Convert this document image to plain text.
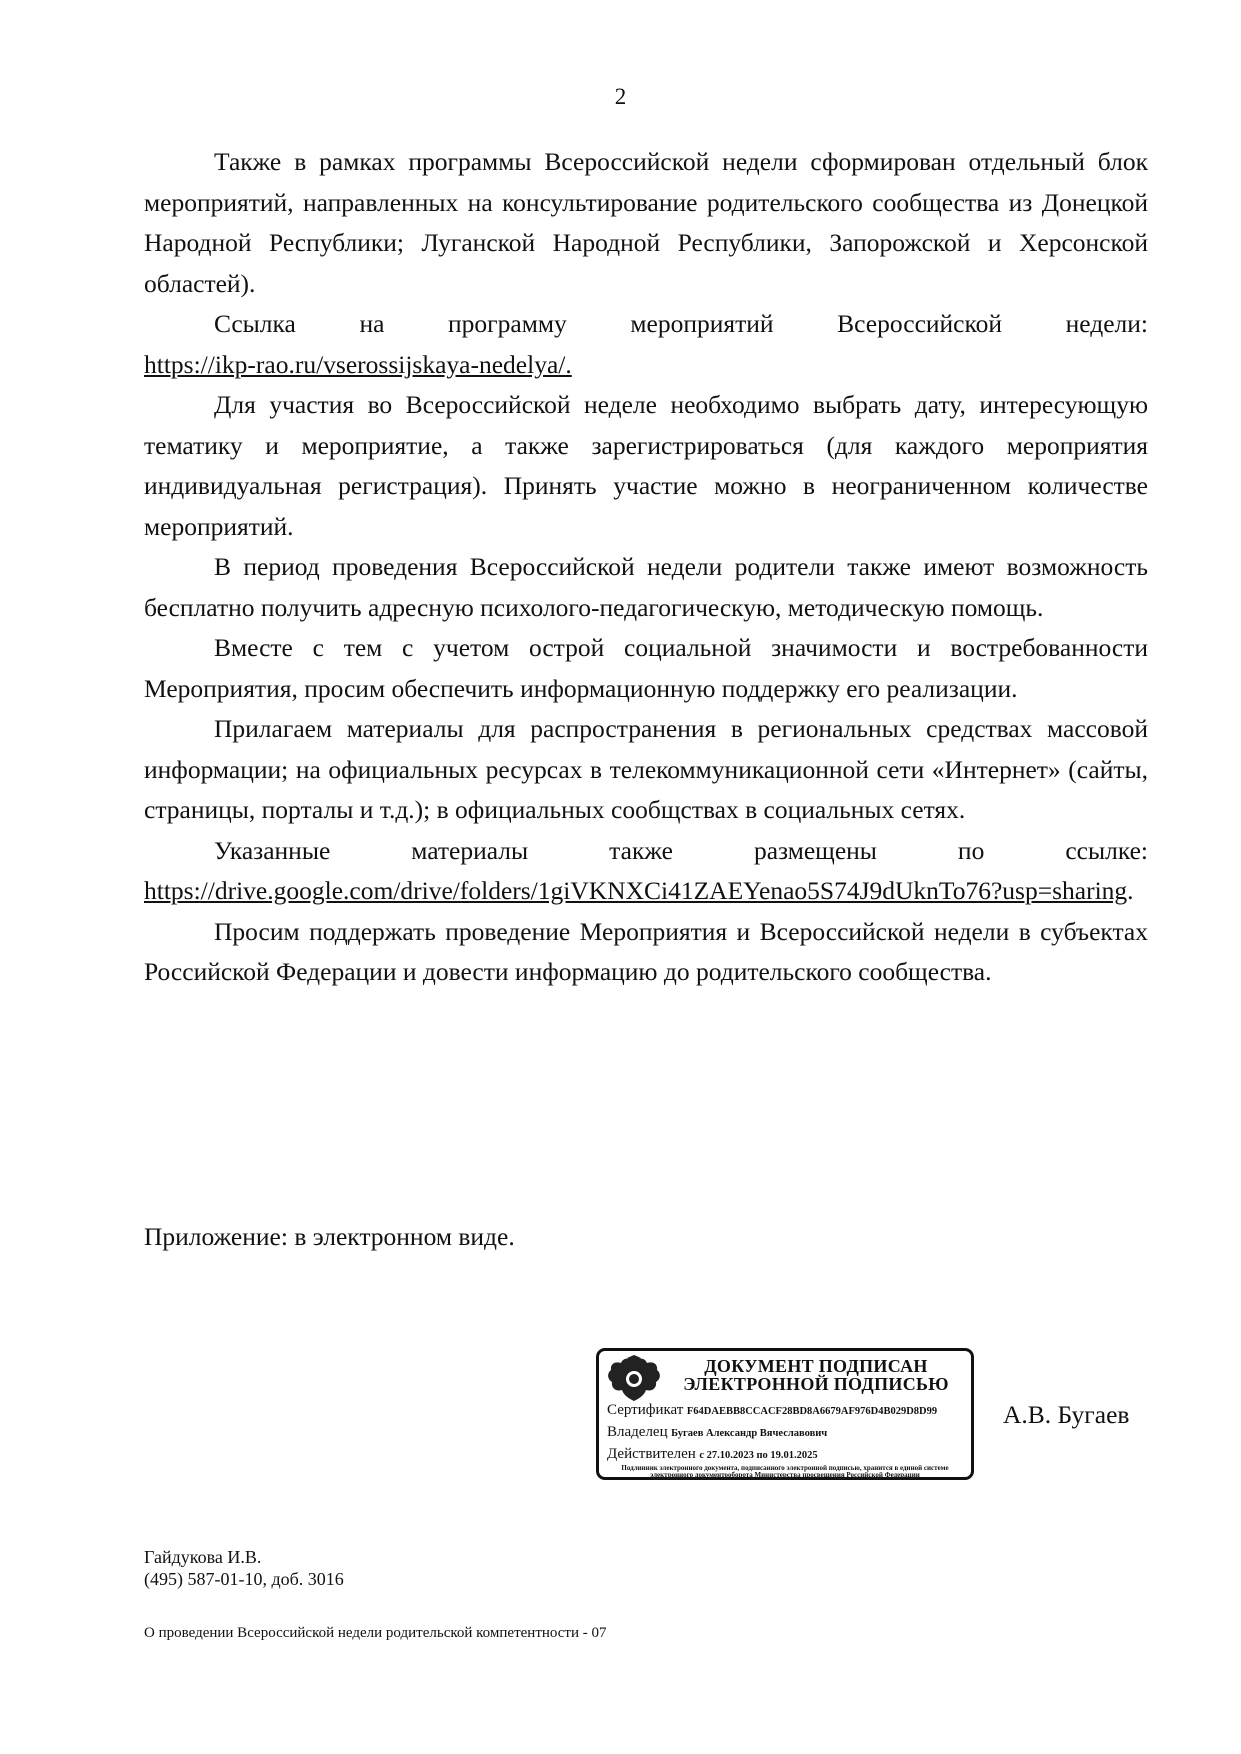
2

Также в рамках программы Всероссийской недели сформирован отдельный блок мероприятий, направленных на консультирование родительского сообщества из Донецкой Народной Республики; Луганской Народной Республики, Запорожской и Херсонской областей).

Ссылка на программу мероприятий Всероссийской недели:

https://ikp-rao.ru/vserossijskaya-nedelya/.

Для участия во Всероссийской неделе необходимо выбрать дату, интересующую тематику и мероприятие, а также зарегистрироваться (для каждого мероприятия индивидуальная регистрация). Принять участие можно в неограниченном количестве мероприятий.

В период проведения Всероссийской недели родители также имеют возможность бесплатно получить адресную психолого-педагогическую, методическую помощь.

Вместе с тем с учетом острой социальной значимости и востребованности Мероприятия, просим обеспечить информационную поддержку его реализации.

Прилагаем материалы для распространения в региональных средствах массовой информации; на официальных ресурсах в телекоммуникационной сети «Интернет» (сайты, страницы, порталы и т.д.); в официальных сообщcтвах в социальных сетях.

Указанные материалы также размещены по ссылке:

https://drive.google.com/drive/folders/1giVKNXCi41ZAEYenao5S74J9dUknTo76?usp=sharing.

Просим поддержать проведение Мероприятия и Всероссийской недели в субъектах Российской Федерации и довести информацию до родительского сообщества.

Приложение: в электронном виде.
ДОКУМЕНТ ПОДПИСАН
ЭЛЕКТРОННОЙ ПОДПИСЬЮ
Сертификат F64DAEBB8CCACF28BD8A6679AF976D4B029D8D99
Владелец Бугаев Александр Вячеславович
Действителен с 27.10.2023 по 19.01.2025
Подлинник электронного документа, подписанного электронной подписью, хранится в единой системе электронного документооборота Министерства просвещения Российской Федерации
А.В. Бугаев
Гайдукова И.В.
(495) 587-01-10, доб. 3016
О проведении Всероссийской недели родительской компетентности - 07
